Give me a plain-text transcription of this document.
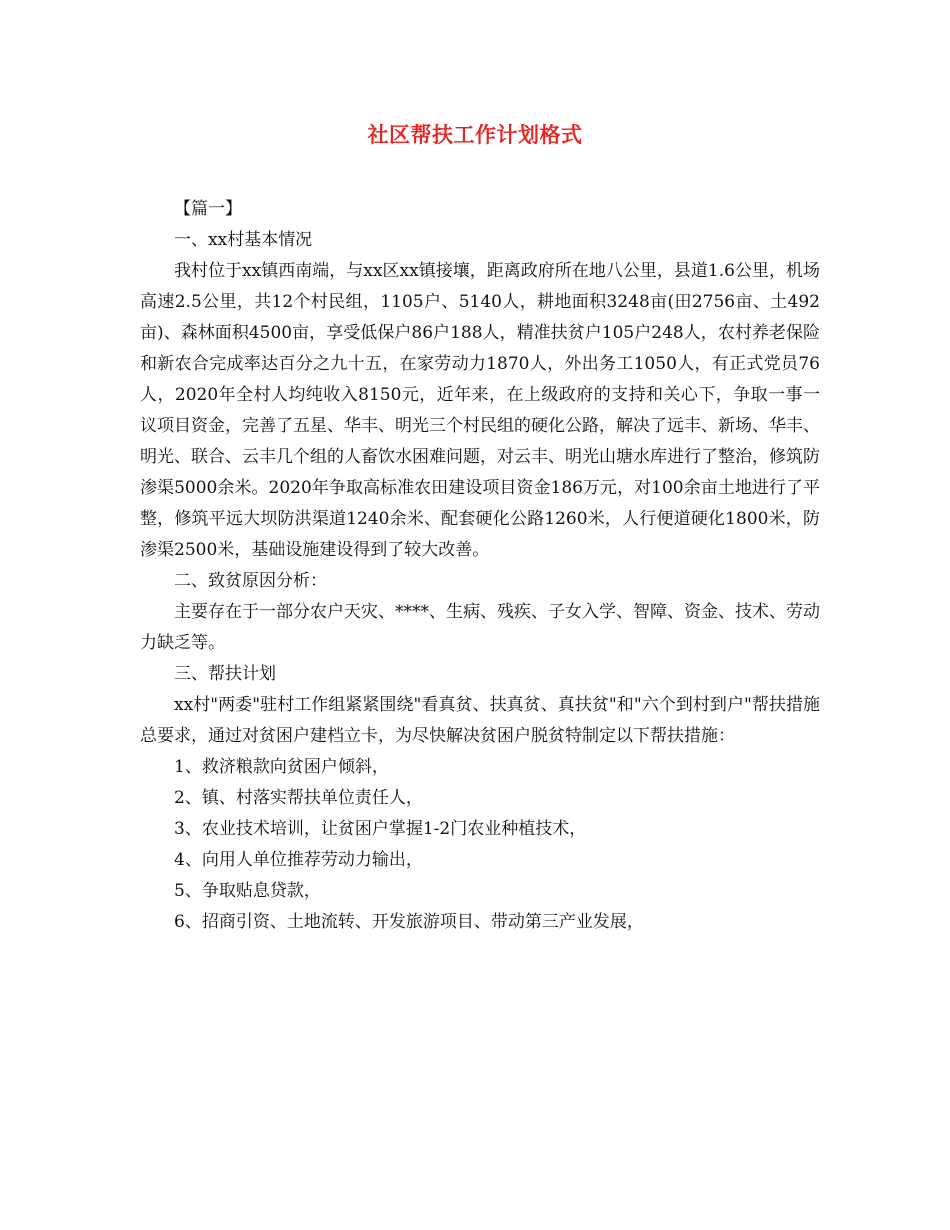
社区帮扶工作计划格式

【篇一】

一、xx村基本情况

我村位于xx镇西南端，与xx区xx镇接壤，距离政府所在地八公里，县道1.6公里，机场高速2.5公里，共12个村民组，1105户、5140人，耕地面积3248亩(田2756亩、土492亩)、森林面积4500亩，享受低保户86户188人，精准扶贫户105户248人，农村养老保险和新农合完成率达百分之九十五，在家劳动力1870人，外出务工1050人，有正式党员76人，2020年全村人均纯收入8150元，近年来，在上级政府的支持和关心下，争取一事一议项目资金，完善了五星、华丰、明光三个村民组的硬化公路，解决了远丰、新场、华丰、明光、联合、云丰几个组的人畜饮水困难问题，对云丰、明光山塘水库进行了整治，修筑防渗渠5000余米。2020年争取高标准农田建设项目资金186万元，对100余亩土地进行了平整，修筑平远大坝防洪渠道1240余米、配套硬化公路1260米，人行便道硬化1800米，防渗渠2500米，基础设施建设得到了较大改善。

二、致贫原因分析：

主要存在于一部分农户天灾、****、生病、残疾、子女入学、智障、资金、技术、劳动力缺乏等。

三、帮扶计划

xx村"两委"驻村工作组紧紧围绕"看真贫、扶真贫、真扶贫"和"六个到村到户"帮扶措施总要求，通过对贫困户建档立卡，为尽快解决贫困户脱贫特制定以下帮扶措施：

1、救济粮款向贫困户倾斜，

2、镇、村落实帮扶单位责任人，

3、农业技术培训，让贫困户掌握1-2门农业种植技术，

4、向用人单位推荐劳动力输出，

5、争取贴息贷款，

6、招商引资、土地流转、开发旅游项目、带动第三产业发展，
